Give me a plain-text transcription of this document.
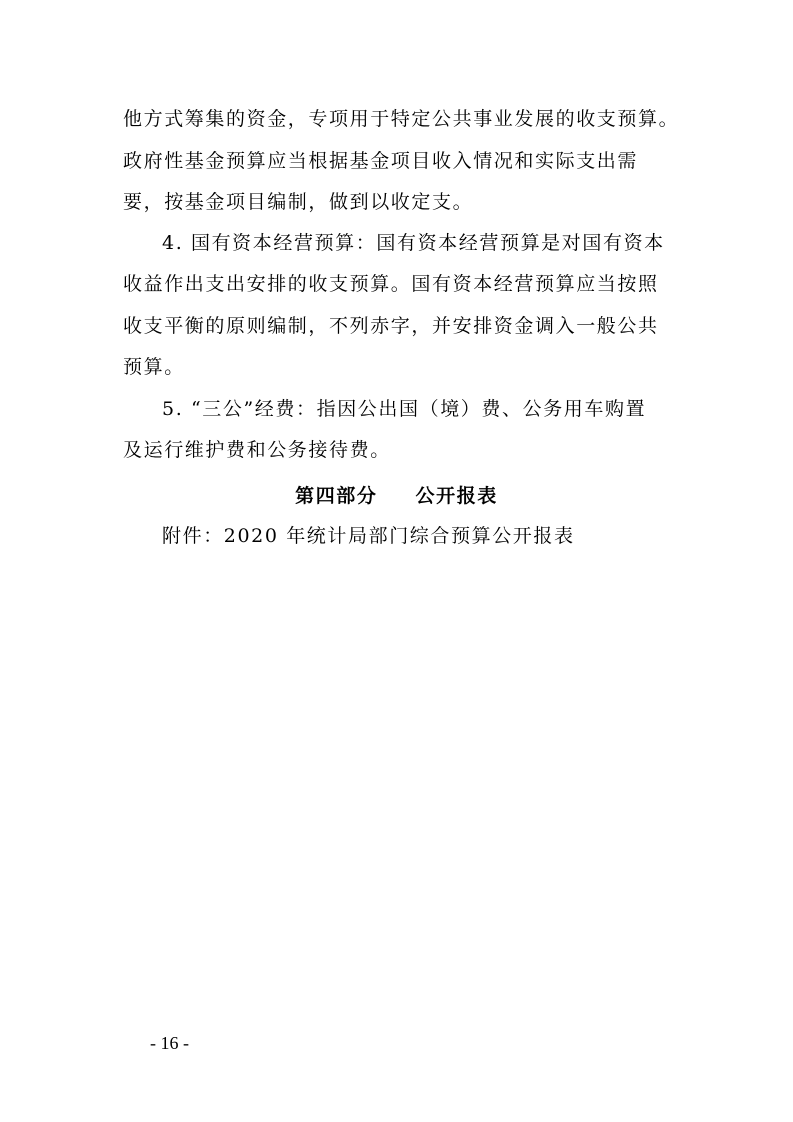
他方式筹集的资金，专项用于特定公共事业发展的收支预算。
政府性基金预算应当根据基金项目收入情况和实际支出需
要，按基金项目编制，做到以收定支。
4. 国有资本经营预算：国有资本经营预算是对国有资本
收益作出支出安排的收支预算。国有资本经营预算应当按照
收支平衡的原则编制，不列赤字，并安排资金调入一般公共
预算。
5. “三公”经费：指因公出国（境）费、公务用车购置
及运行维护费和公务接待费。
第四部分 公开报表
附件：2020 年统计局部门综合预算公开报表
- 16 -
